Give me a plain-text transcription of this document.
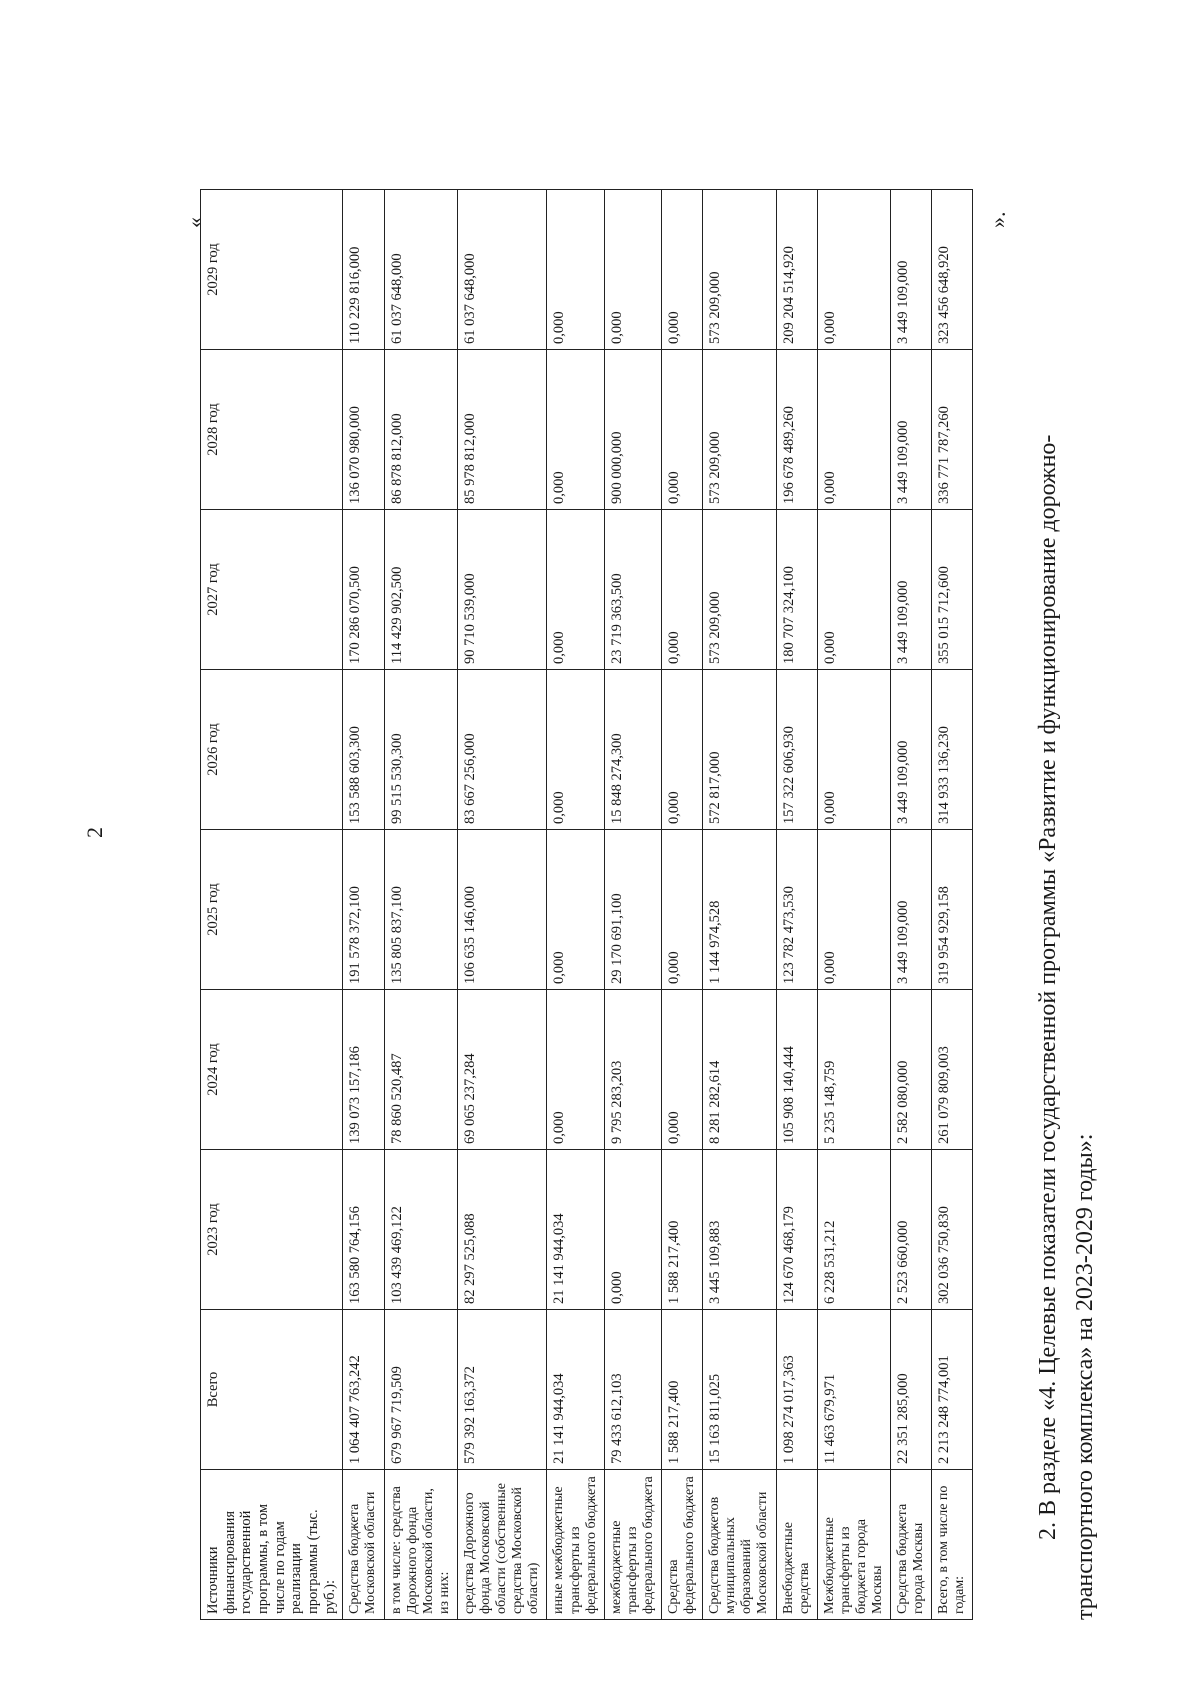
2
«
Источники финансирования государственной программы, в том числе по годам реализации программы (тыс. руб.):	Всего	2023 год	2024 год	2025 год	2026 год	2027 год	2028 год	2029 год
Средства бюджета Московской области	1 064 407 763,242	163 580 764,156	139 073 157,186	191 578 372,100	153 588 603,300	170 286 070,500	136 070 980,000	110 229 816,000
в том числе: средства Дорожного фонда Московской области, из них:	679 967 719,509	103 439 469,122	78 860 520,487	135 805 837,100	99 515 530,300	114 429 902,500	86 878 812,000	61 037 648,000
средства Дорожного фонда Московской области (собственные средства Московской области)	579 392 163,372	82 297 525,088	69 065 237,284	106 635 146,000	83 667 256,000	90 710 539,000	85 978 812,000	61 037 648,000
иные межбюджетные трансферты из федерального бюджета	21 141 944,034	21 141 944,034	0,000	0,000	0,000	0,000	0,000	0,000
межбюджетные трансферты из федерального бюджета	79 433 612,103	0,000	9 795 283,203	29 170 691,100	15 848 274,300	23 719 363,500	900 000,000	0,000
Средства федерального бюджета	1 588 217,400	1 588 217,400	0,000	0,000	0,000	0,000	0,000	0,000
Средства бюджетов муниципальных образований Московской области	15 163 811,025	3 445 109,883	8 281 282,614	1 144 974,528	572 817,000	573 209,000	573 209,000	573 209,000
Внебюджетные средства	1 098 274 017,363	124 670 468,179	105 908 140,444	123 782 473,530	157 322 606,930	180 707 324,100	196 678 489,260	209 204 514,920
Межбюджетные трансферты из бюджета города Москвы	11 463 679,971	6 228 531,212	5 235 148,759	0,000	0,000	0,000	0,000	0,000
Средства бюджета города Москвы	22 351 285,000	2 523 660,000	2 582 080,000	3 449 109,000	3 449 109,000	3 449 109,000	3 449 109,000	3 449 109,000
Всего, в том числе по годам:	2 213 248 774,001	302 036 750,830	261 079 809,003	319 954 929,158	314 933 136,230	355 015 712,600	336 771 787,260	323 456 648,920
».
2. В разделе «4. Целевые показатели государственной программы «Развитие и функционирование дорожно- транспортного комплекса» на 2023-2029 годы»:
